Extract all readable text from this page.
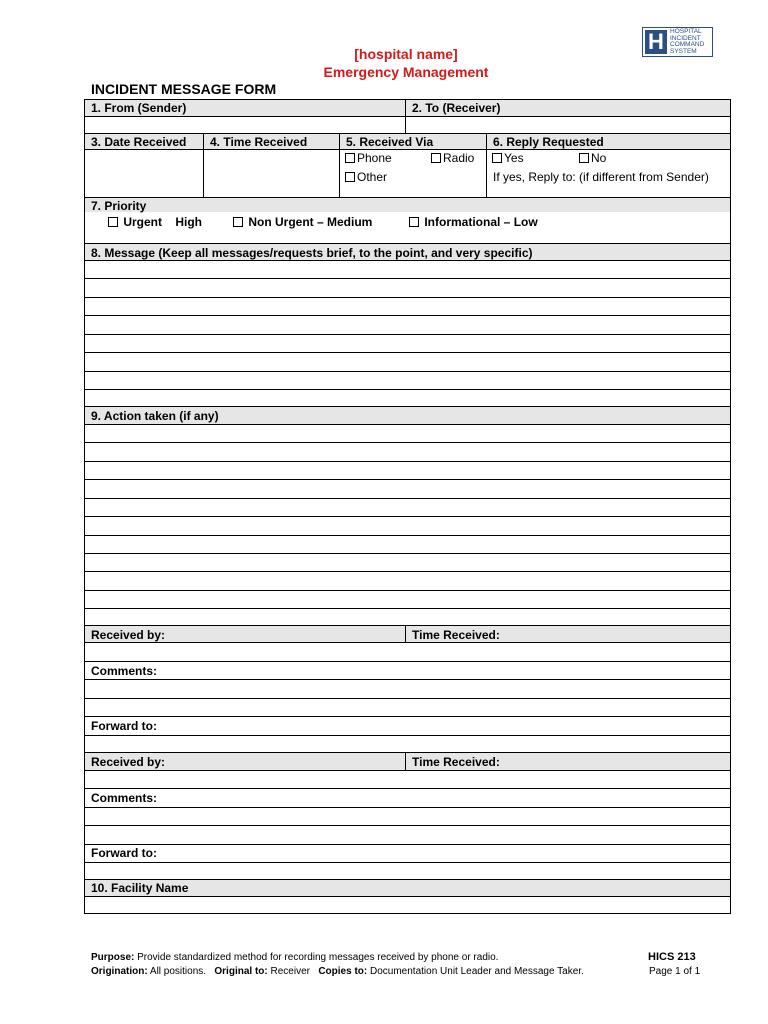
[hospital name]
Emergency Management
H HOSPITAL
INCIDENT
COMMAND
SYSTEM
INCIDENT MESSAGE FORM
1. From (Sender)	2. To (Receiver)
3. Date Received 4. Time Received	5. Received Via	6. Reply Requested
Phone	Radio
Other
Yes	No
If yes, Reply to: (if different from Sender)
7. Priority
Urgent    High	Non Urgent – Medium	Informational – Low
8. Message (Keep all messages/requests brief, to the point, and very specific)
9. Action taken (if any)
Received by:	Time Received:
Comments:
Forward to:
Received by:	Time Received:
Comments:
Forward to:
10. Facility Name
Purpose: Provide standardized method for recording messages received by phone or radio.
Origination: All positions. Original to: Receiver Copies to: Documentation Unit Leader and Message Taker.
HICS 213
Page 1 of 1
